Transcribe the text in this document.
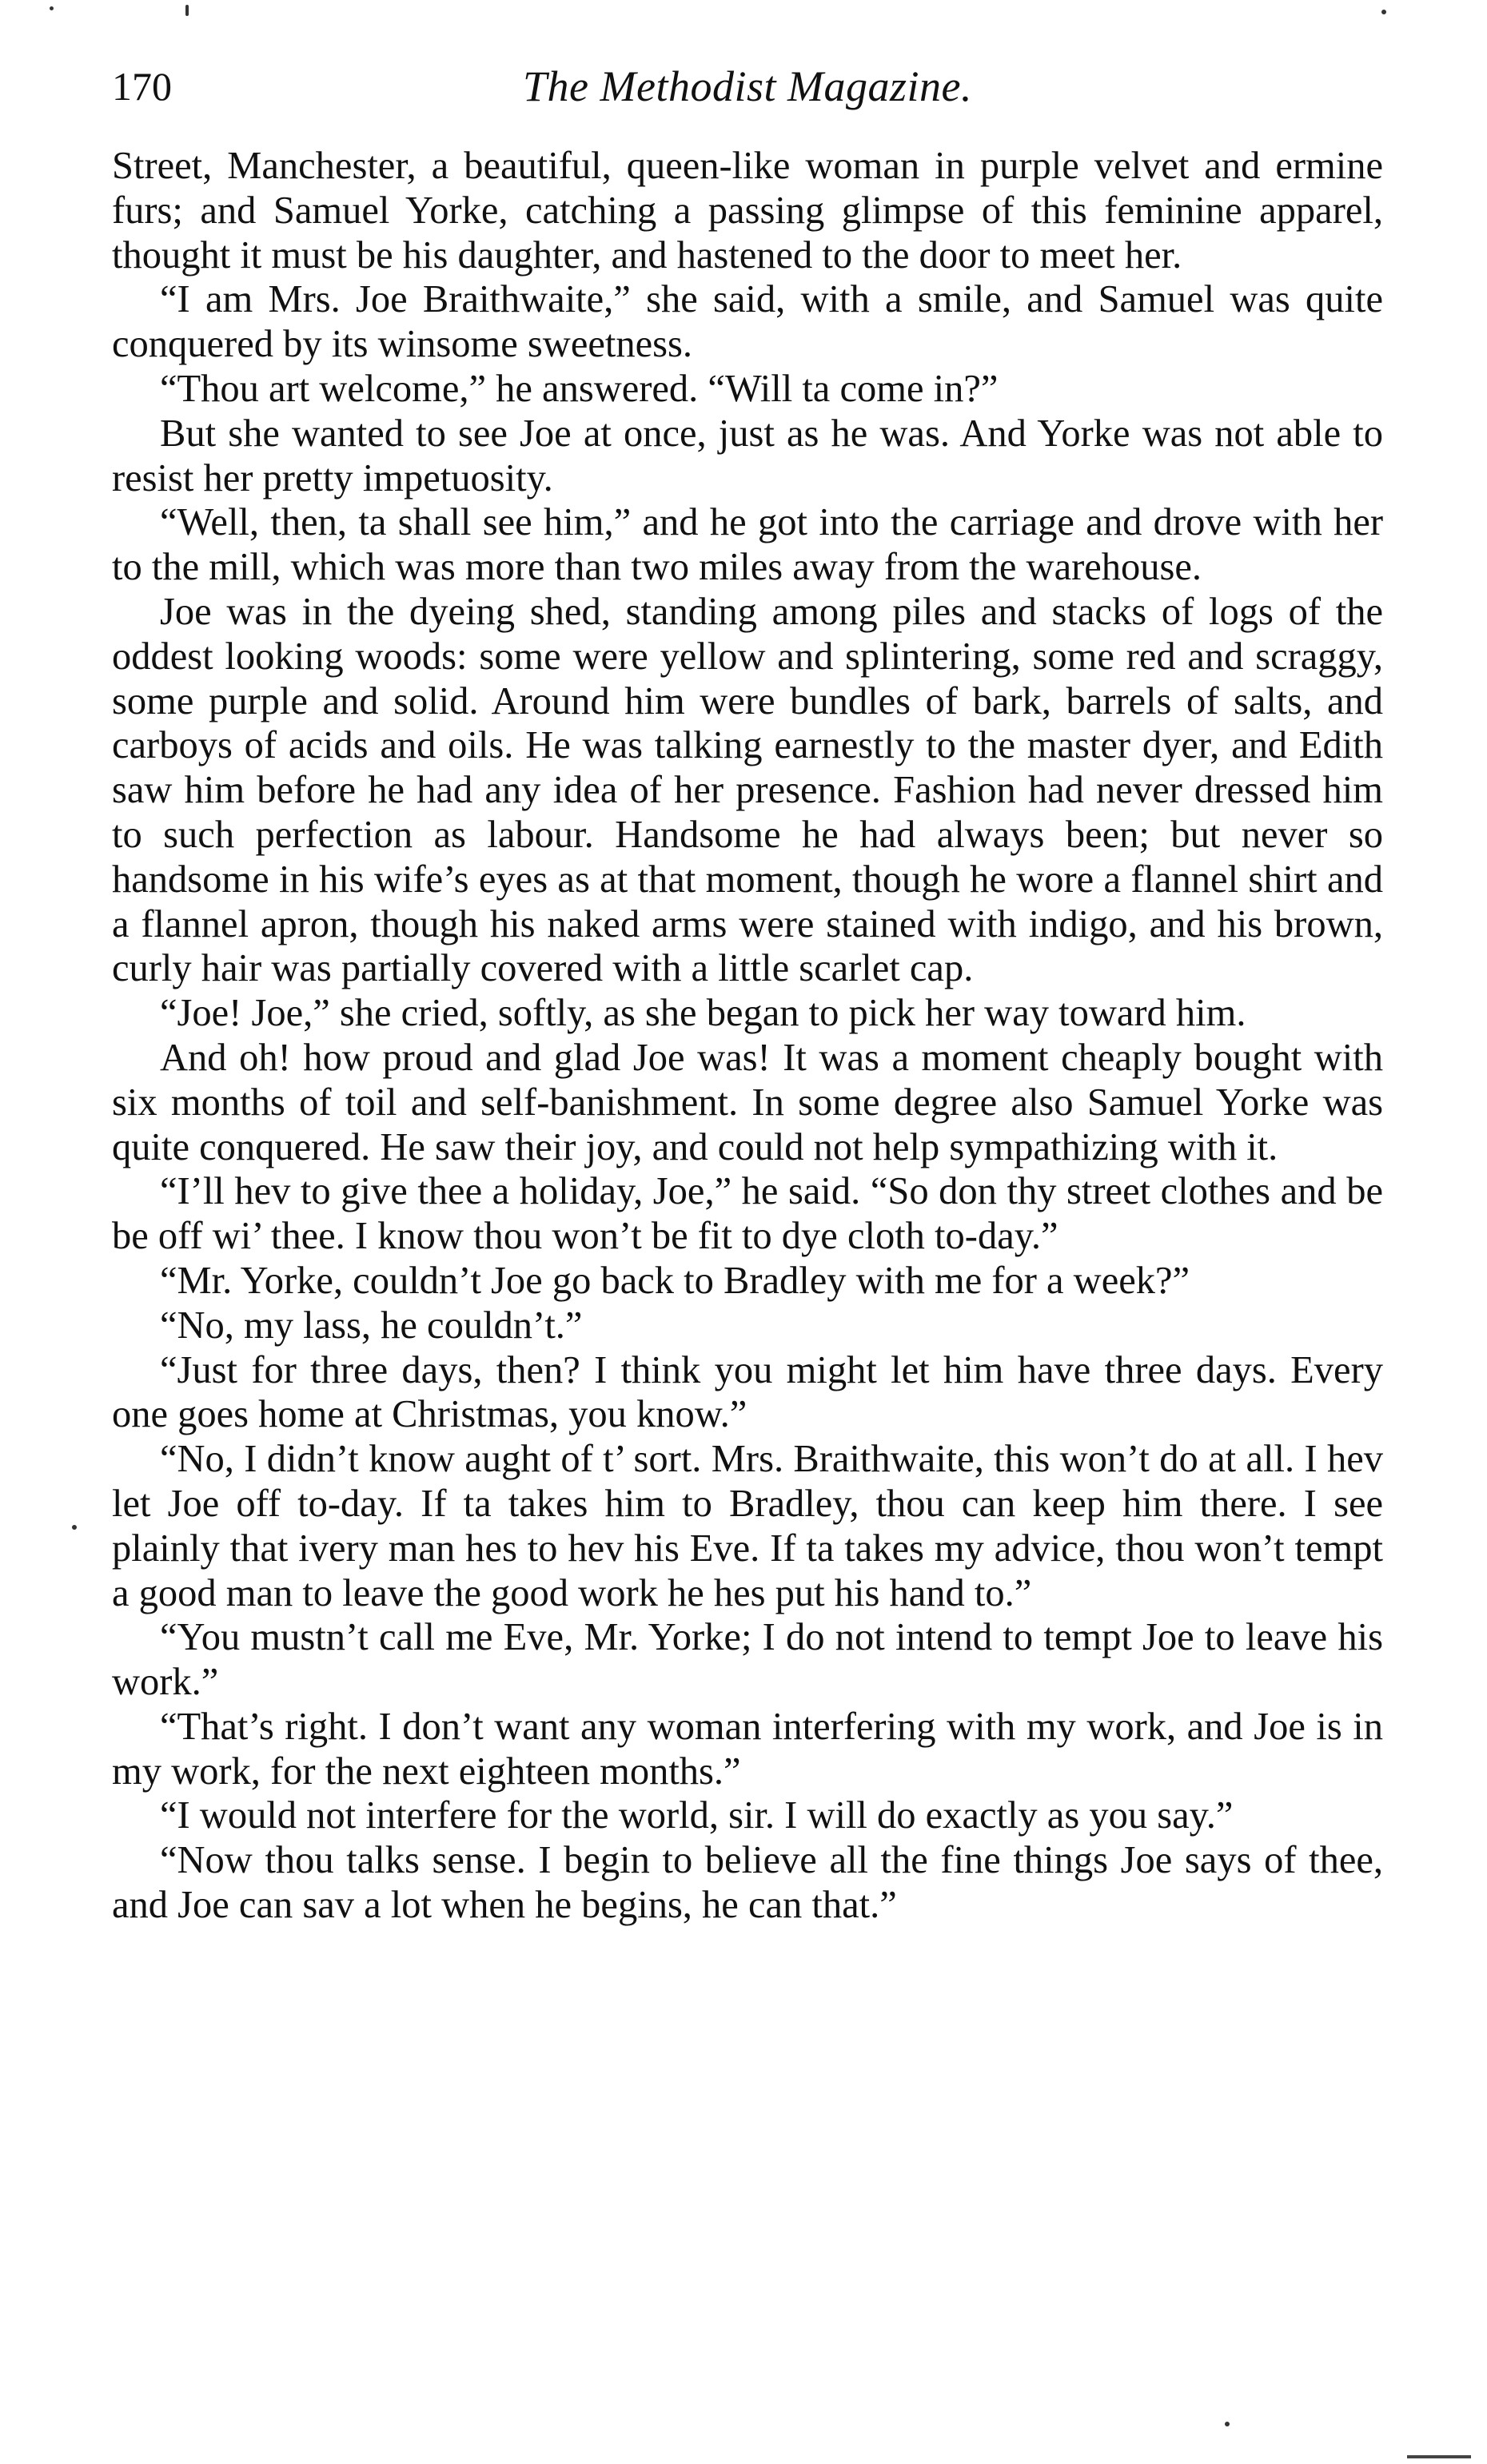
170	The Methodist Magazine.

Street, Manchester, a beautiful, queen-like woman in purple velvet and ermine furs; and Samuel Yorke, catching a passing glimpse of this feminine apparel, thought it must be his daughter, and hastened to the door to meet her.

“I am Mrs. Joe Braithwaite,” she said, with a smile, and Samuel was quite conquered by its winsome sweetness.

“Thou art welcome,” he answered. “Will ta come in?”

But she wanted to see Joe at once, just as he was. And Yorke was not able to resist her pretty impetuosity.

“Well, then, ta shall see him,” and he got into the carriage and drove with her to the mill, which was more than two miles away from the warehouse.

Joe was in the dyeing shed, standing among piles and stacks of logs of the oddest looking woods: some were yellow and splintering, some red and scraggy, some purple and solid. Around him were bundles of bark, barrels of salts, and carboys of acids and oils. He was talking earnestly to the master dyer, and Edith saw him before he had any idea of her presence. Fashion had never dressed him to such perfection as labour. Handsome he had always been; but never so handsome in his wife’s eyes as at that moment, though he wore a flannel shirt and a flannel apron, though his naked arms were stained with indigo, and his brown, curly hair was partially covered with a little scarlet cap.

“Joe! Joe,” she cried, softly, as she began to pick her way toward him.

And oh! how proud and glad Joe was! It was a moment cheaply bought with six months of toil and self-banishment. In some degree also Samuel Yorke was quite conquered. He saw their joy, and could not help sympathizing with it.

“I’ll hev to give thee a holiday, Joe,” he said. “So don thy street clothes and be be off wi’ thee. I know thou won’t be fit to dye cloth to-day.”

“Mr. Yorke, couldn’t Joe go back to Bradley with me for a week?”

“No, my lass, he couldn’t.”

“Just for three days, then? I think you might let him have three days. Every one goes home at Christmas, you know.”

“No, I didn’t know aught of t’ sort. Mrs. Braithwaite, this won’t do at all. I hev let Joe off to-day. If ta takes him to Bradley, thou can keep him there. I see plainly that ivery man hes to hev his Eve. If ta takes my advice, thou won’t tempt a good man to leave the good work he hes put his hand to.”

“You mustn’t call me Eve, Mr. Yorke; I do not intend to tempt Joe to leave his work.”

“That’s right. I don’t want any woman interfering with my work, and Joe is in my work, for the next eighteen months.”

“I would not interfere for the world, sir. I will do exactly as you say.”

“Now thou talks sense. I begin to believe all the fine things Joe says of thee, and Joe can sav a lot when he begins, he can that.”
